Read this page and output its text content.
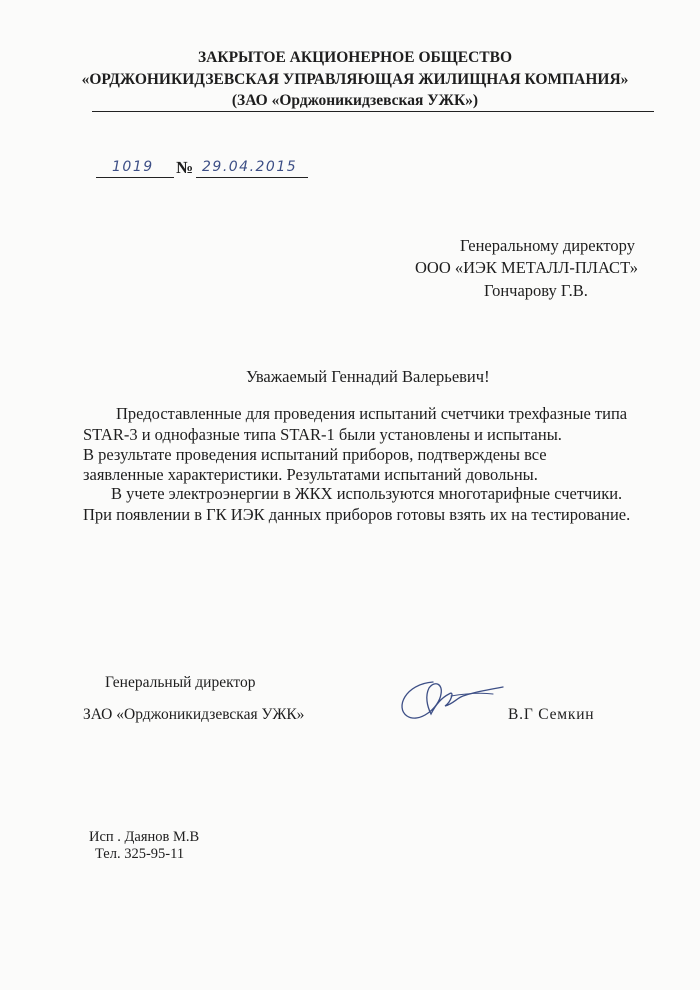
ЗАКРЫТОЕ АКЦИОНЕРНОЕ ОБЩЕСТВО
«ОРДЖОНИКИДЗЕВСКАЯ УПРАВЛЯЮЩАЯ ЖИЛИЩНАЯ КОМПАНИЯ»
(ЗАО «Орджоникидзевская УЖК»)
1019 № 29.04.2015
Генеральному директору
ООО «ИЭК МЕТАЛЛ-ПЛАСТ»
Гончарову Г.В.
Уважаемый Геннадий Валерьевич!
Предоставленные для проведения испытаний счетчики трехфазные типа
STAR-3 и однофазные типа STAR-1 были установлены и испытаны.
В результате проведения испытаний приборов, подтверждены все
заявленные характеристики. Результатами испытаний довольны.
В учете электроэнергии в ЖКХ используются многотарифные счетчики.
При появлении в ГК ИЭК данных приборов готовы взять их на тестирование.
Генеральный директор
ЗАО «Орджоникидзевская УЖК»	В.Г Семкин
Исп . Даянов М.В
Тел. 325-95-11
